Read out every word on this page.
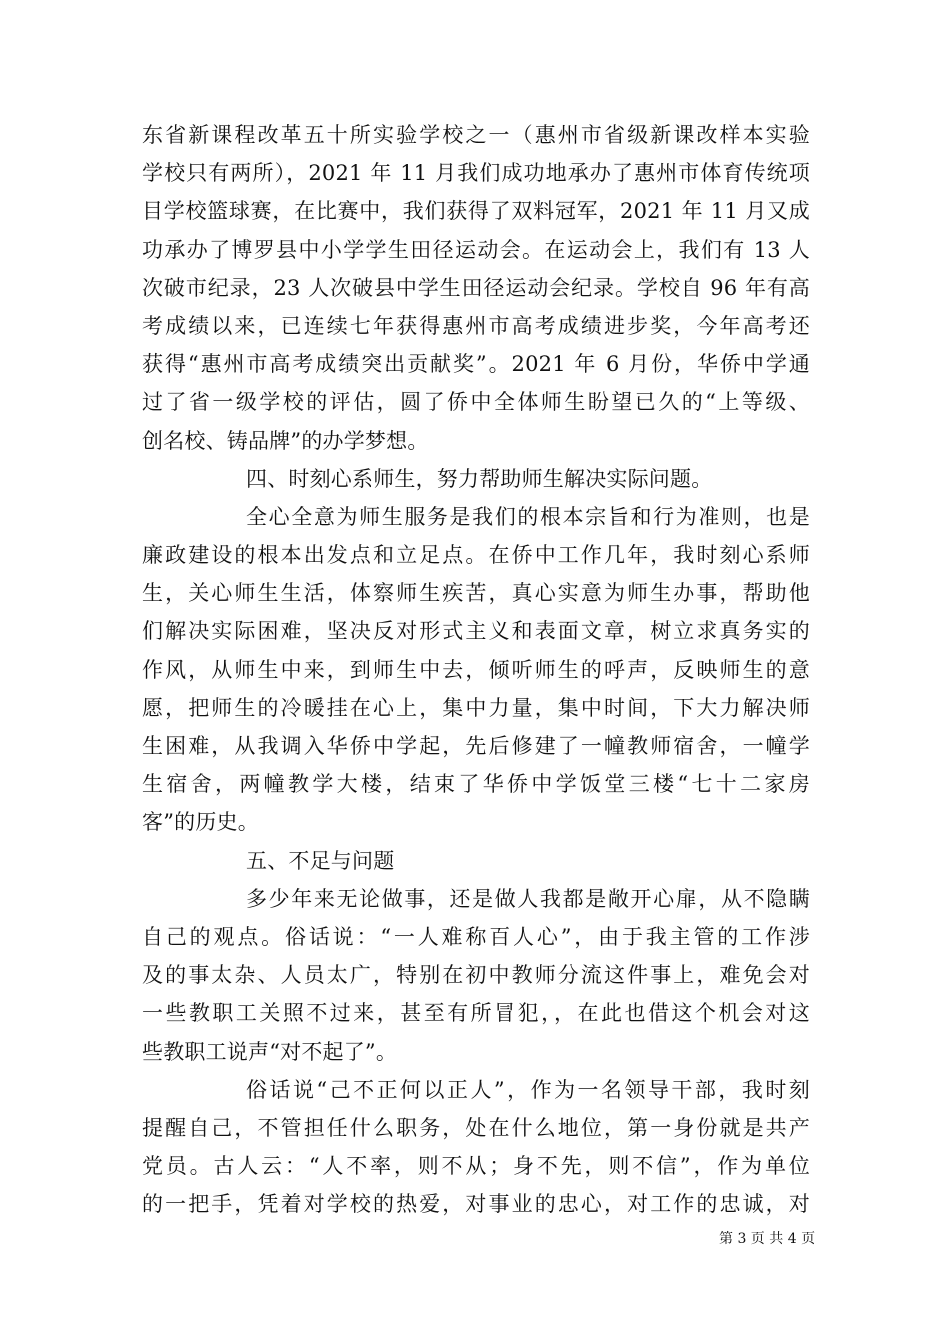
东省新课程改革五十所实验学校之一（惠州市省级新课改样本实验
学校只有两所），2021 年 11 月我们成功地承办了惠州市体育传统项
目学校篮球赛，在比赛中，我们获得了双料冠军，2021 年 11 月又成
功承办了博罗县中小学学生田径运动会。在运动会上，我们有 13 人
次破市纪录，23 人次破县中学生田径运动会纪录。学校自 96 年有高
考成绩以来，已连续七年获得惠州市高考成绩进步奖，今年高考还
获得“惠州市高考成绩突出贡献奖”。2021 年 6 月份，华侨中学通
过了省一级学校的评估，圆了侨中全体师生盼望已久的“上等级、
创名校、铸品牌”的办学梦想。
四、时刻心系师生，努力帮助师生解决实际问题。
全心全意为师生服务是我们的根本宗旨和行为准则，也是
廉政建设的根本出发点和立足点。在侨中工作几年，我时刻心系师
生，关心师生生活，体察师生疾苦，真心实意为师生办事，帮助他
们解决实际困难，坚决反对形式主义和表面文章，树立求真务实的
作风，从师生中来，到师生中去，倾听师生的呼声，反映师生的意
愿，把师生的冷暖挂在心上，集中力量，集中时间，下大力解决师
生困难，从我调入华侨中学起，先后修建了一幢教师宿舍，一幢学
生宿舍，两幢教学大楼，结束了华侨中学饭堂三楼“七十二家房
客”的历史。
五、不足与问题
多少年来无论做事，还是做人我都是敞开心扉，从不隐瞒
自己的观点。俗话说：“一人难称百人心”，由于我主管的工作涉
及的事太杂、人员太广，特别在初中教师分流这件事上，难免会对
一些教职工关照不过来，甚至有所冒犯，，在此也借这个机会对这
些教职工说声“对不起了”。
俗话说“己不正何以正人”，作为一名领导干部，我时刻
提醒自己，不管担任什么职务，处在什么地位，第一身份就是共产
党员。古人云：“人不率，则不从；身不先，则不信”，作为单位
的一把手，凭着对学校的热爱，对事业的忠心，对工作的忠诚，对
第 3 页 共 4 页
